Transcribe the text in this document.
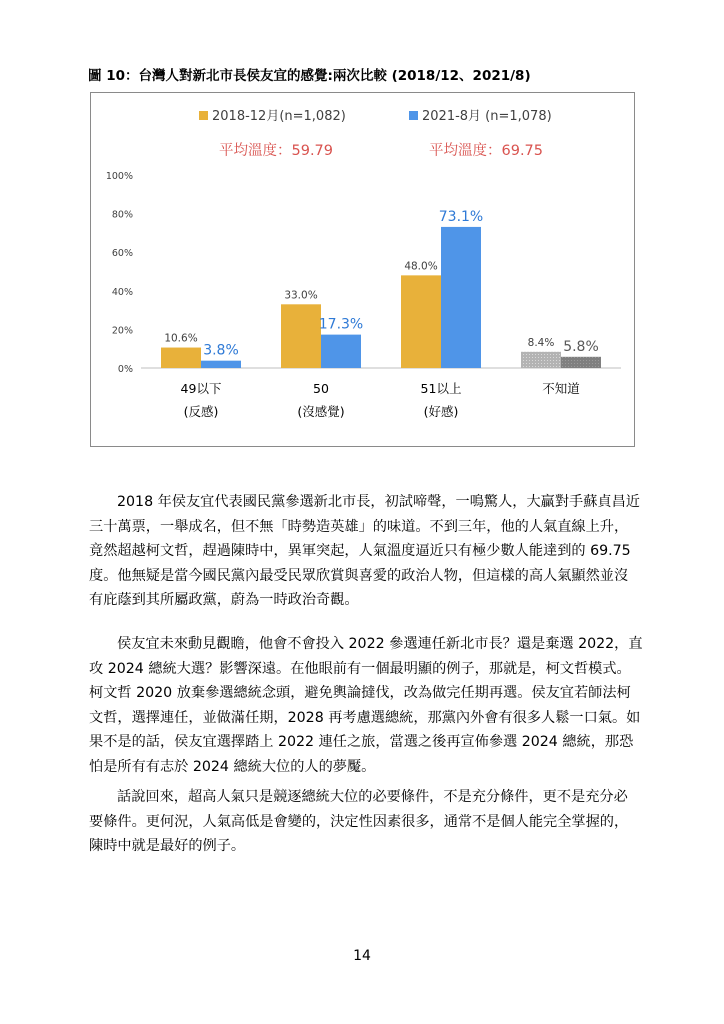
圖 10：台灣人對新北市長侯友宜的感覺:兩次比較 (2018/12、2021/8)
2018-12月(n=1,082)
平均溫度：59.79
2021-8月 (n=1,078)
平均溫度：69.75
0%
20%
40%
60%
80%
100%
10.6%
3.8%
49以下
(反感)
33.0%
17.3%
50
(沒感覺)
48.0%
73.1%
51以上
(好感)
8.4% 5.8%
不知道
2018 年侯友宜代表國民黨參選新北市長，初試啼聲，一鳴驚人，大贏對手蘇貞昌近
三十萬票，一舉成名，但不無「時勢造英雄」的味道。不到三年，他的人氣直線上升，
竟然超越柯文哲，趕過陳時中，異軍突起，人氣溫度逼近只有極少數人能達到的 69.75
度。他無疑是當今國民黨內最受民眾欣賞與喜愛的政治人物，但這樣的高人氣顯然並沒
有庇蔭到其所屬政黨，蔚為一時政治奇觀。
侯友宜未來動見觀瞻，他會不會投入 2022 參選連任新北市長？還是棄選 2022，直
攻 2024 總統大選？影響深遠。在他眼前有一個最明顯的例子，那就是，柯文哲模式。
柯文哲 2020 放棄參選總統念頭，避免輿論撻伐，改為做完任期再選。侯友宜若師法柯
文哲，選擇連任，並做滿任期，2028 再考慮選總統，那黨內外會有很多人鬆一口氣。如
果不是的話，侯友宜選擇踏上 2022 連任之旅，當選之後再宣佈參選 2024 總統，那恐
怕是所有有志於 2024 總統大位的人的夢魘。
話說回來，超高人氣只是競逐總統大位的必要條件，不是充分條件，更不是充分必
要條件。更何況，人氣高低是會變的，決定性因素很多，通常不是個人能完全掌握的，
陳時中就是最好的例子。
14
